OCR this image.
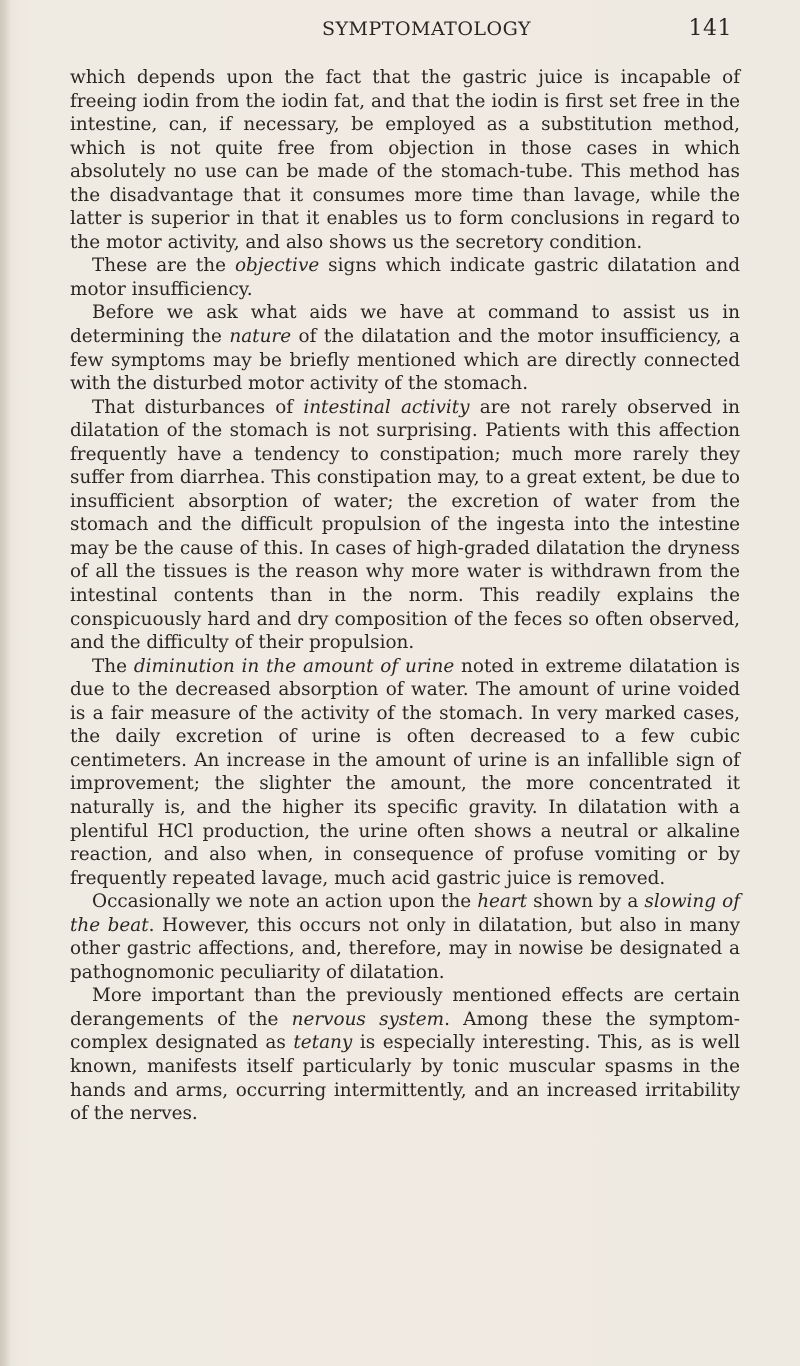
SYMPTOMATOLOGY	141

which depends upon the fact that the gastric juice is incapable of freeing iodin from the iodin fat, and that the iodin is first set free in the intestine, can, if necessary, be employed as a substitution method, which is not quite free from objection in those cases in which absolutely no use can be made of the stomach-tube. This method has the disadvantage that it consumes more time than lavage, while the latter is superior in that it enables us to form conclusions in regard to the motor activity, and also shows us the secretory condition.

These are the objective signs which indicate gastric dilatation and motor insufficiency.

Before we ask what aids we have at command to assist us in determining the nature of the dilatation and the motor insufficiency, a few symptoms may be briefly mentioned which are directly connected with the disturbed motor activity of the stomach.

That disturbances of intestinal activity are not rarely observed in dilatation of the stomach is not surprising. Patients with this affection frequently have a tendency to constipation; much more rarely they suffer from diarrhea. This constipation may, to a great extent, be due to insufficient absorption of water; the excretion of water from the stomach and the difficult propulsion of the ingesta into the intestine may be the cause of this. In cases of high-graded dilatation the dryness of all the tissues is the reason why more water is withdrawn from the intestinal contents than in the norm. This readily explains the conspicuously hard and dry composition of the feces so often observed, and the difficulty of their propulsion.

The diminution in the amount of urine noted in extreme dilatation is due to the decreased absorption of water. The amount of urine voided is a fair measure of the activity of the stomach. In very marked cases, the daily excretion of urine is often decreased to a few cubic centimeters. An increase in the amount of urine is an infallible sign of improvement; the slighter the amount, the more concentrated it naturally is, and the higher its specific gravity. In dilatation with a plentiful HCl production, the urine often shows a neutral or alkaline reaction, and also when, in consequence of profuse vomiting or by frequently repeated lavage, much acid gastric juice is removed.

Occasionally we note an action upon the heart shown by a slowing of the beat. However, this occurs not only in dilatation, but also in many other gastric affections, and, therefore, may in nowise be designated a pathognomonic peculiarity of dilatation.

More important than the previously mentioned effects are certain derangements of the nervous system. Among these the symptom-complex designated as tetany is especially interesting. This, as is well known, manifests itself particularly by tonic muscular spasms in the hands and arms, occurring intermittently, and an increased irritability of the nerves.
